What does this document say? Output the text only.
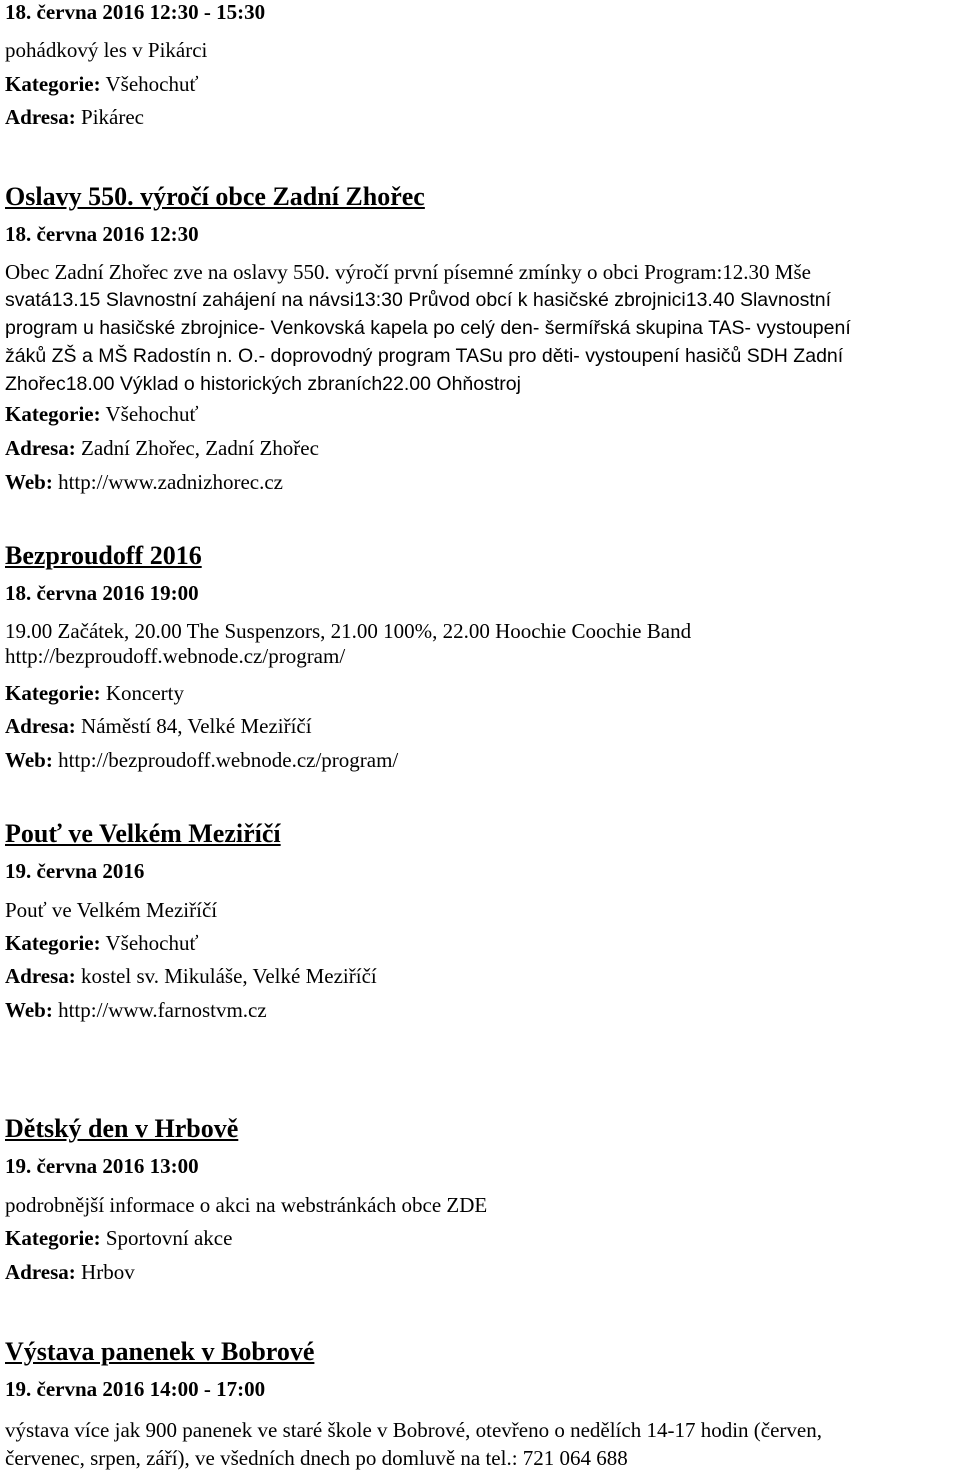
18. června 2016 12:30 - 15:30
pohádkový les v Pikárci
Kategorie: Všehochuť
Adresa: Pikárec
Oslavy 550. výročí obce Zadní Zhořec
18. června 2016 12:30
Obec Zadní Zhořec zve na oslavy 550. výročí první písemné zmínky o obci Program:12.30 Mše
svatá13.15 Slavnostní zahájení na návsi13:30 Průvod obcí k hasičské zbrojnici13.40 Slavnostní
program u hasičské zbrojnice- Venkovská kapela po celý den- šermířská skupina TAS- vystoupení
žáků ZŠ a MŠ Radostín n. O.- doprovodný program TASu pro děti- vystoupení hasičů SDH Zadní
Zhořec18.00 Výklad o historických zbraních22.00 Ohňostroj
Kategorie: Všehochuť
Adresa: Zadní Zhořec, Zadní Zhořec
Web: http://www.zadnizhorec.cz
Bezproudoff 2016
18. června 2016 19:00
19.00 Začátek, 20.00 The Suspenzors, 21.00 100%, 22.00 Hoochie Coochie Band
http://bezproudoff.webnode.cz/program/
Kategorie: Koncerty
Adresa: Náměstí 84, Velké Meziříčí
Web: http://bezproudoff.webnode.cz/program/
Pouť ve Velkém Meziříčí
19. června 2016
Pouť ve Velkém Meziříčí
Kategorie: Všehochuť
Adresa: kostel sv. Mikuláše, Velké Meziříčí
Web: http://www.farnostvm.cz
Dětský den v Hrbově
19. června 2016 13:00
podrobnější informace o akci na webstránkách obce ZDE
Kategorie: Sportovní akce
Adresa: Hrbov
Výstava panenek v Bobrové
19. června 2016 14:00 - 17:00
výstava více jak 900 panenek ve staré škole v Bobrové, otevřeno o nedělích 14-17 hodin (červen,
červenec, srpen, září), ve všedních dnech po domluvě na tel.: 721 064 688
